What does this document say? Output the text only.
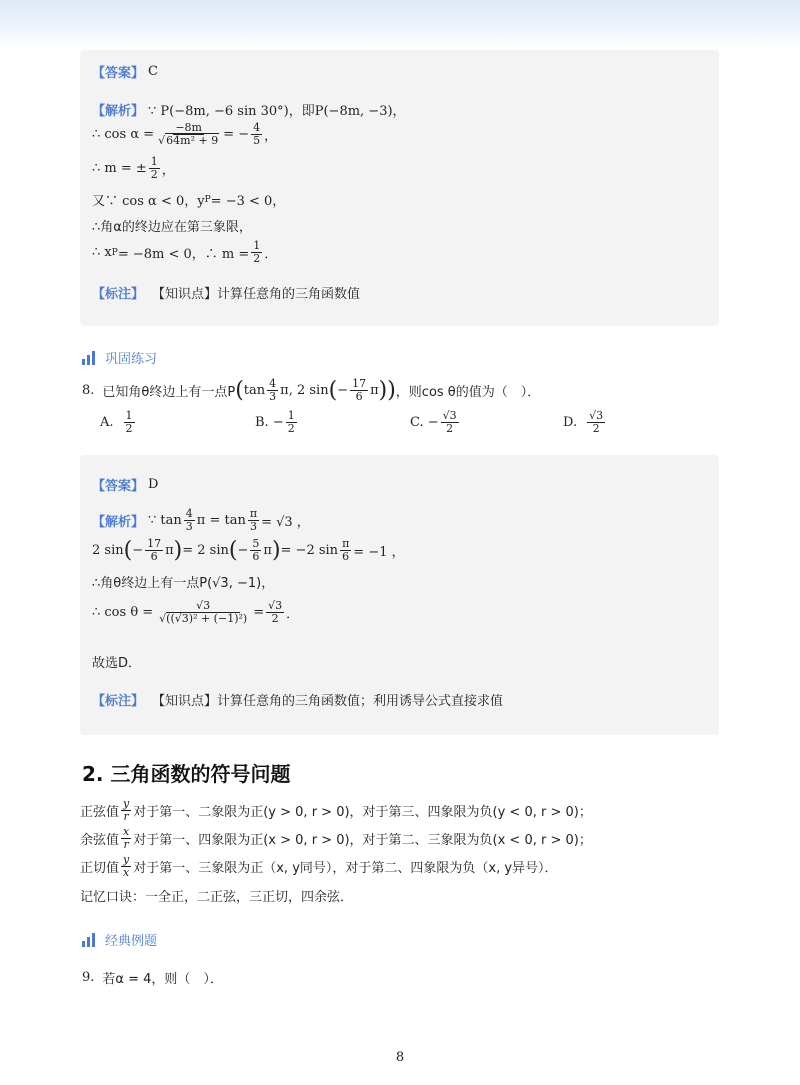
【答案】 C
【解析】 ∵ P(−8m, −6 sin 30°)，即P(−8m, −3)，
∴ $\cos \alpha = \frac{-8m}{\text{√64m² + 9}}$ = − $\frac{4}{5}$ ，
∴ m = ± $\frac{1}{2}$ ，
又∵ cos α < 0，y P = −3 < 0，
∴角α的终边应在第三象限，
∴ x P = −8m < 0，∴ $m = \frac{1}{2}$ ．
【标注】 【知识点】计算任意角的三角函数值
巩固练习
8. 已知角θ终边上有一点P ( $\tan \frac{4}{3} \pi$, 2 sin ( − $\frac{17}{6}$ π )) ，则cos θ的值为（　）．
A. $\frac{1}{2}$	B. − $\frac{1}{2}$	C. − $\frac{√3}{2}$	D. $\frac{√3}{2}$
【答案】 D
【解析】 ∵ $\tan \frac{4}{3}$ $\pi = \tan \frac{\pi}{3} = √3$ ，
2 sin ( − $\frac{17}{6}$ π ) = 2 sin ( − $\frac{5}{6}$ π ) = −2 $\sin \frac{\pi}{6} = -1$ ，
∴角θ终边上有一点P(√3, −1)，
∴ $\cos \theta = \frac{√3}{\text{√((√3)² + (−1)²)}} = \frac{√3}{2}$ ．
故选D．
【标注】 【知识点】计算任意角的三角函数值；利用诱导公式直接求值
2. 三角函数的符号问题
正弦值 $\frac{y}{r}$ 对于第一、二象限为正(y > 0, r > 0)，对于第三、四象限为负(y < 0, r > 0)；
余弦值 $\frac{x}{r}$ 对于第一、四象限为正(x > 0, r > 0)，对于第二、三象限为负(x < 0, r > 0)；
正切值 $\frac{y}{x}$ 对于第一、三象限为正（x, y同号），对于第二、四象限为负（x, y异号）．
记忆口诀：一全正，二正弦，三正切，四余弦．
经典例题
9. 若α = 4，则（　）．
8
